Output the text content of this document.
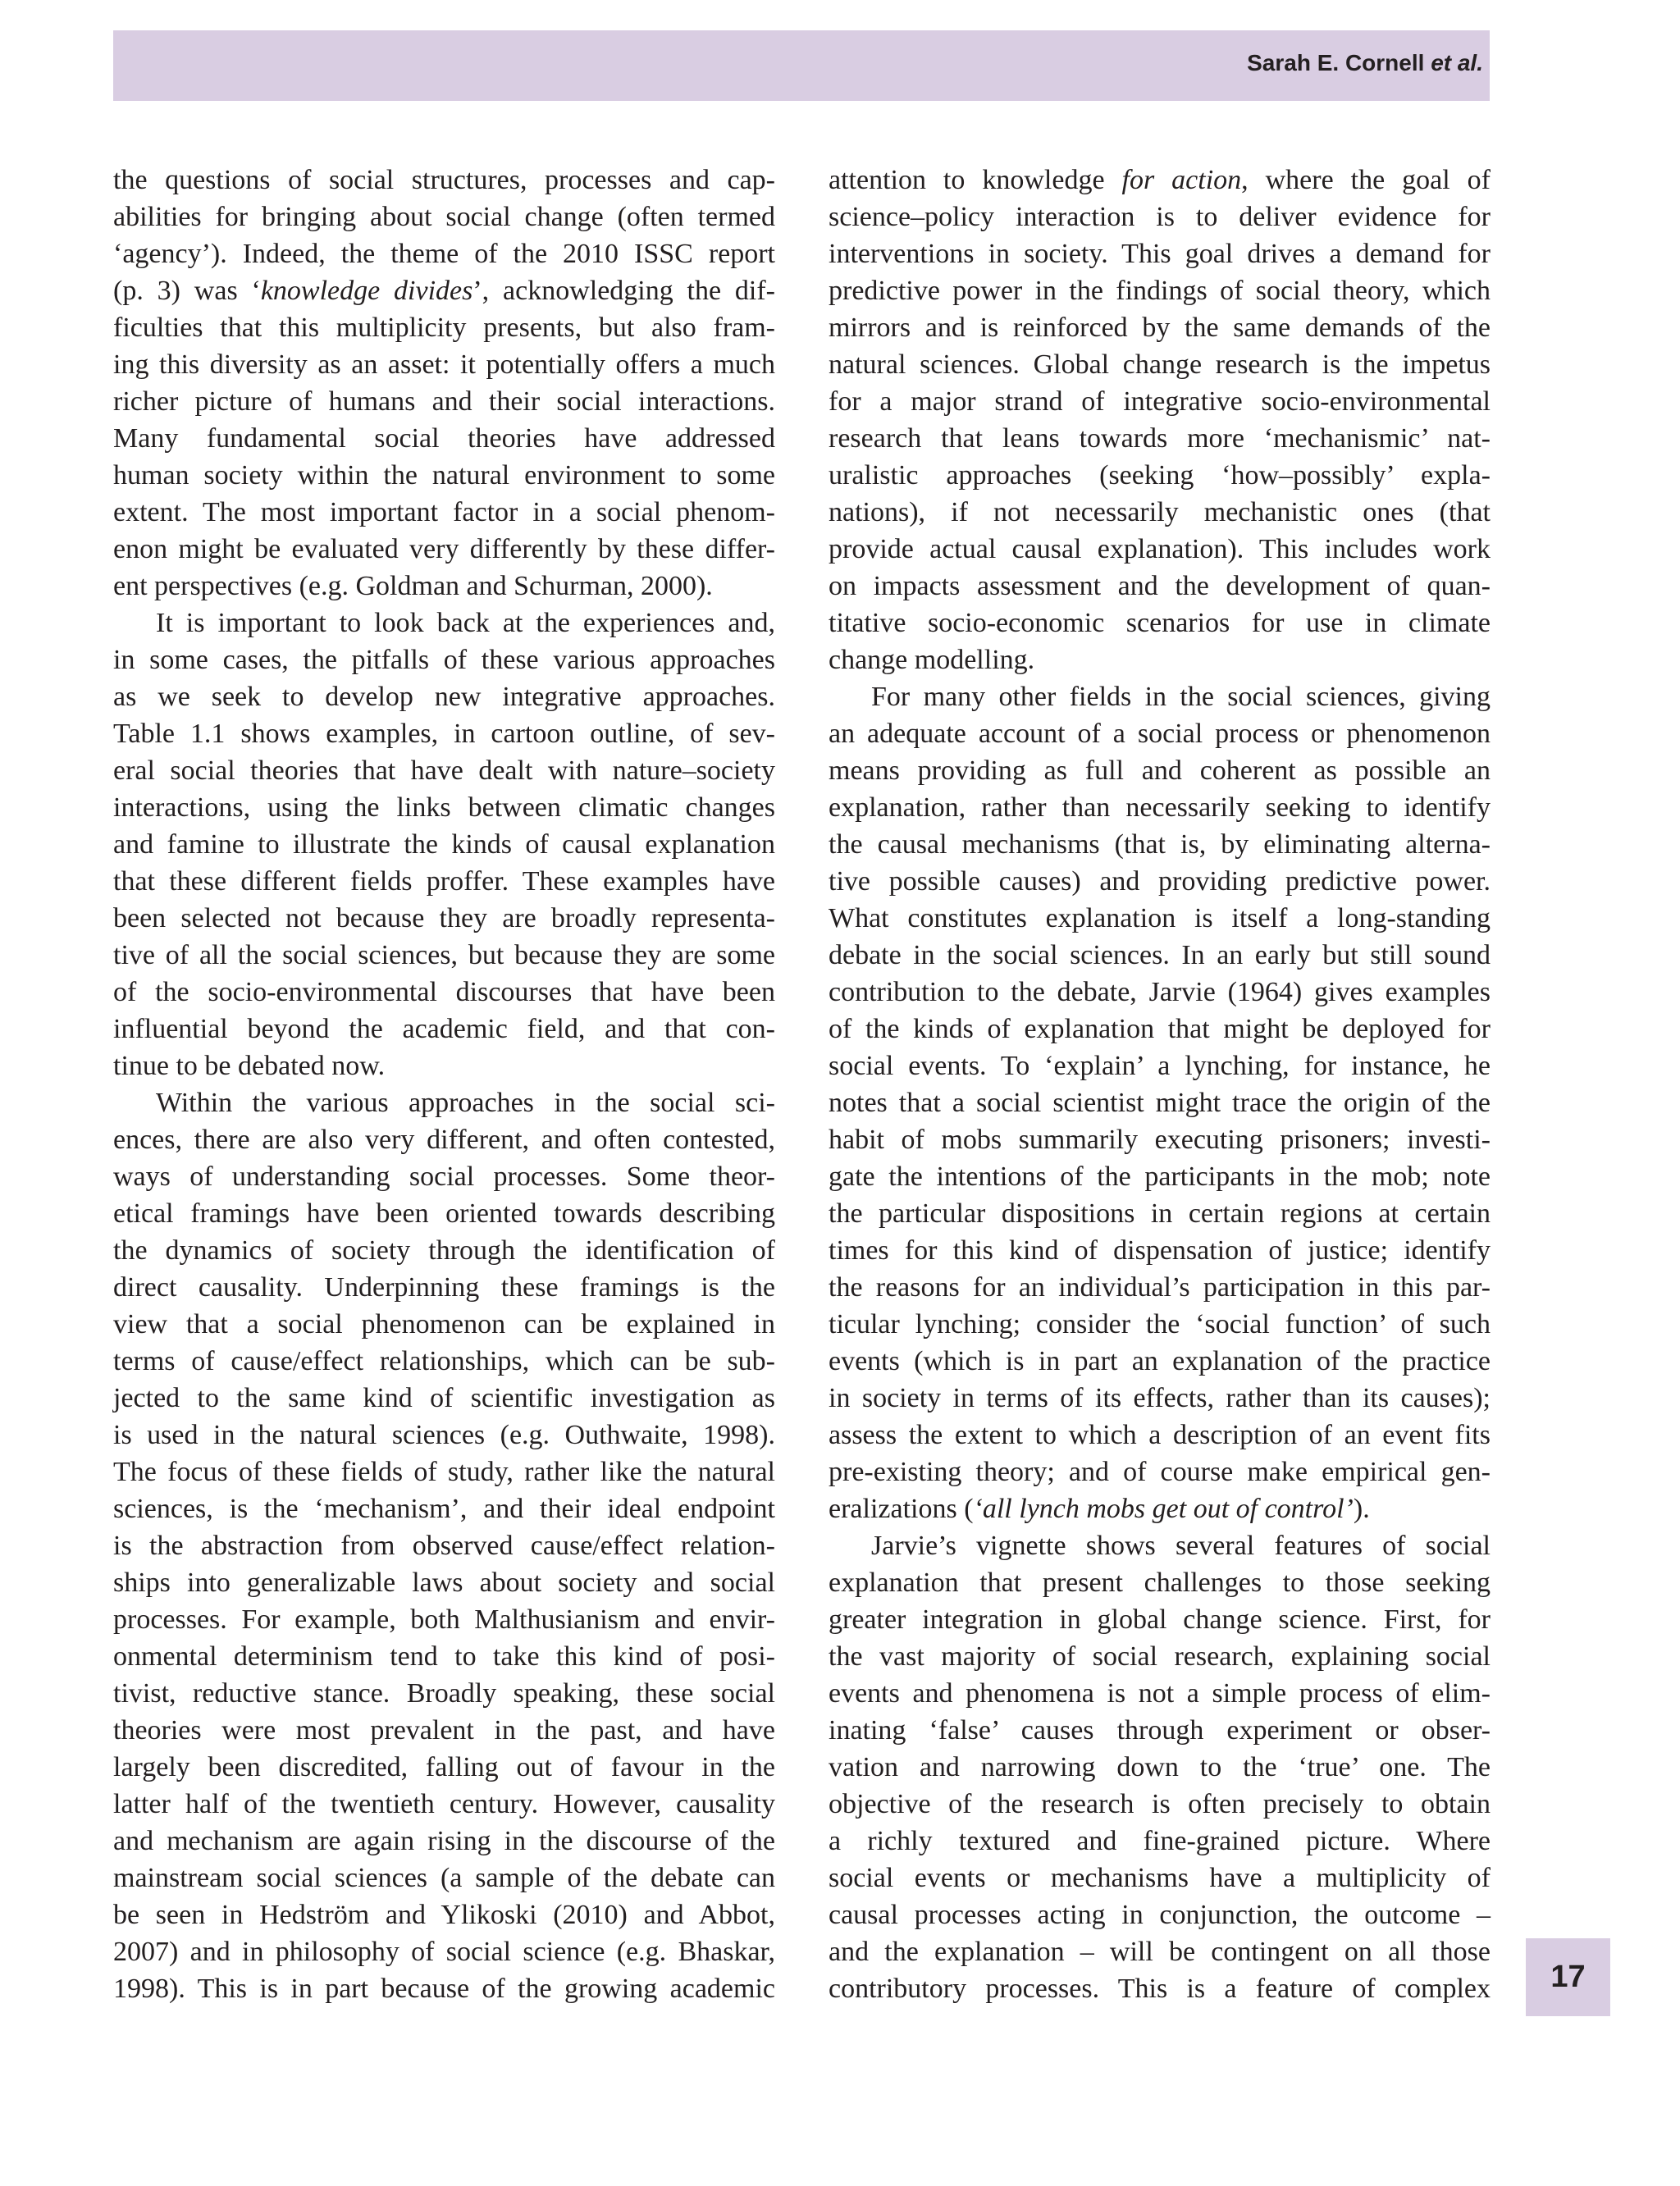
Sarah E. Cornell et al.
the questions of social structures, processes and cap-
abilities for bringing about social change (often termed
‘agency’). Indeed, the theme of the 2010 ISSC report
(p. 3) was ‘knowledge divides’, acknowledging the dif-
ficulties that this multiplicity presents, but also fram-
ing this diversity as an asset: it potentially offers a much
richer picture of humans and their social interactions.
Many fundamental social theories have addressed
human society within the natural environment to some
extent. The most important factor in a social phenom-
enon might be evaluated very differently by these differ-
ent perspectives (e.g. Goldman and Schurman, 2000).
It is important to look back at the experiences and,
in some cases, the pitfalls of these various approaches
as we seek to develop new integrative approaches.
Table 1.1 shows examples, in cartoon outline, of sev-
eral social theories that have dealt with nature–society
interactions, using the links between climatic changes
and famine to illustrate the kinds of causal explanation
that these different fields proffer. These examples have
been selected not because they are broadly representa-
tive of all the social sciences, but because they are some
of the socio-environmental discourses that have been
influential beyond the academic field, and that con-
tinue to be debated now.
Within the various approaches in the social sci-
ences, there are also very different, and often contested,
ways of understanding social processes. Some theor-
etical framings have been oriented towards describing
the dynamics of society through the identification of
direct causality. Underpinning these framings is the
view that a social phenomenon can be explained in
terms of cause/effect relationships, which can be sub-
jected to the same kind of scientific investigation as
is used in the natural sciences (e.g. Outhwaite, 1998).
The focus of these fields of study, rather like the natural
sciences, is the ‘mechanism’, and their ideal endpoint
is the abstraction from observed cause/effect relation-
ships into generalizable laws about society and social
processes. For example, both Malthusianism and envir-
onmental determinism tend to take this kind of posi-
tivist, reductive stance. Broadly speaking, these social
theories were most prevalent in the past, and have
largely been discredited, falling out of favour in the
latter half of the twentieth century. However, causality
and mechanism are again rising in the discourse of the
mainstream social sciences (a sample of the debate can
be seen in Hedström and Ylikoski (2010) and Abbot,
2007) and in philosophy of social science (e.g. Bhaskar,
1998). This is in part because of the growing academic
attention to knowledge for action, where the goal of
science–policy interaction is to deliver evidence for
interventions in society. This goal drives a demand for
predictive power in the findings of social theory, which
mirrors and is reinforced by the same demands of the
natural sciences. Global change research is the impetus
for a major strand of integrative socio-environmental
research that leans towards more ‘mechanismic’ nat-
uralistic approaches (seeking ‘how–possibly’ expla-
nations), if not necessarily mechanistic ones (that
provide actual causal explanation). This includes work
on impacts assessment and the development of quan-
titative socio-economic scenarios for use in climate
change modelling.
For many other fields in the social sciences, giving
an adequate account of a social process or phenomenon
means providing as full and coherent as possible an
explanation, rather than necessarily seeking to identify
the causal mechanisms (that is, by eliminating alterna-
tive possible causes) and providing predictive power.
What constitutes explanation is itself a long-standing
debate in the social sciences. In an early but still sound
contribution to the debate, Jarvie (1964) gives examples
of the kinds of explanation that might be deployed for
social events. To ‘explain’ a lynching, for instance, he
notes that a social scientist might trace the origin of the
habit of mobs summarily executing prisoners; investi-
gate the intentions of the participants in the mob; note
the particular dispositions in certain regions at certain
times for this kind of dispensation of justice; identify
the reasons for an individual’s participation in this par-
ticular lynching; consider the ‘social function’ of such
events (which is in part an explanation of the practice
in society in terms of its effects, rather than its causes);
assess the extent to which a description of an event fits
pre-existing theory; and of course make empirical gen-
eralizations (‘all lynch mobs get out of control’).
Jarvie’s vignette shows several features of social
explanation that present challenges to those seeking
greater integration in global change science. First, for
the vast majority of social research, explaining social
events and phenomena is not a simple process of elim-
inating ‘false’ causes through experiment or obser-
vation and narrowing down to the ‘true’ one. The
objective of the research is often precisely to obtain
a richly textured and fine-grained picture. Where
social events or mechanisms have a multiplicity of
causal processes acting in conjunction, the outcome –
and the explanation – will be contingent on all those
contributory processes. This is a feature of complex	17
